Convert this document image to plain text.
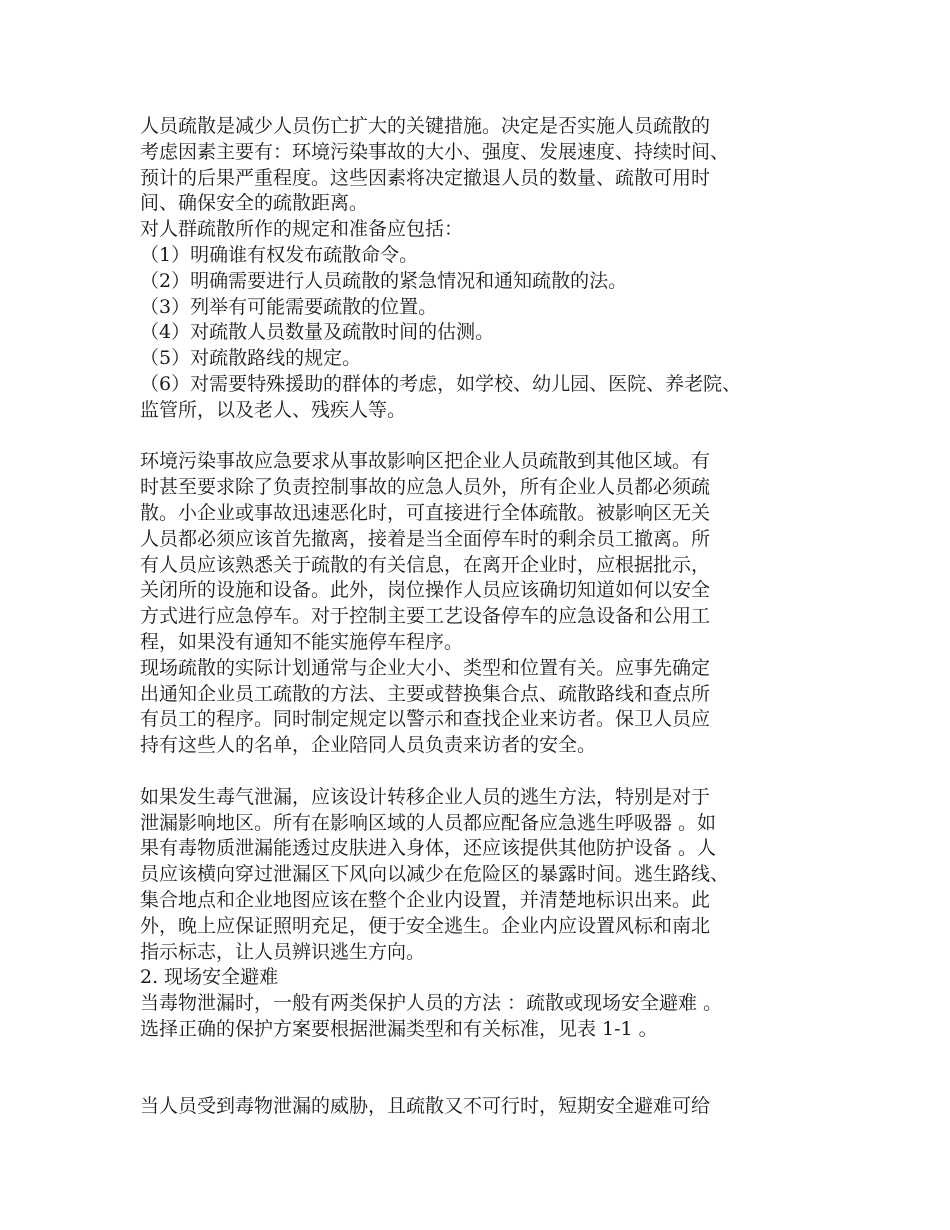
人员疏散是减少人员伤亡扩大的关键措施。决定是否实施人员疏散的
考虑因素主要有：环境污染事故的大小、强度、发展速度、持续时间、
预计的后果严重程度。这些因素将决定撤退人员的数量、疏散可用时
间、确保安全的疏散距离。
对人群疏散所作的规定和准备应包括：
（1）明确谁有权发布疏散命令。
（2）明确需要进行人员疏散的紧急情况和通知疏散的法。
（3）列举有可能需要疏散的位置。
（4）对疏散人员数量及疏散时间的估测。
（5）对疏散路线的规定。
（6）对需要特殊援助的群体的考虑，如学校、幼儿园、医院、养老院、
监管所，以及老人、残疾人等。
环境污染事故应急要求从事故影响区把企业人员疏散到其他区域。有
时甚至要求除了负责控制事故的应急人员外，所有企业人员都必须疏
散。小企业或事故迅速恶化时，可直接进行全体疏散。被影响区无关
人员都必须应该首先撤离，接着是当全面停车时的剩余员工撤离。所
有人员应该熟悉关于疏散的有关信息，在离开企业时，应根据批示，
关闭所的设施和设备。此外，岗位操作人员应该确切知道如何以安全
方式进行应急停车。对于控制主要工艺设备停车的应急设备和公用工
程，如果没有通知不能实施停车程序。
现场疏散的实际计划通常与企业大小、类型和位置有关。应事先确定
出通知企业员工疏散的方法、主要或替换集合点、疏散路线和查点所
有员工的程序。同时制定规定以警示和查找企业来访者。保卫人员应
持有这些人的名单，企业陪同人员负责来访者的安全。
如果发生毒气泄漏，应该设计转移企业人员的逃生方法，特别是对于
泄漏影响地区。所有在影响区域的人员都应配备应急逃生呼吸器 。如
果有毒物质泄漏能透过皮肤进入身体，还应该提供其他防护设备 。人
员应该横向穿过泄漏区下风向以减少在危险区的暴露时间。逃生路线、
集合地点和企业地图应该在整个企业内设置，并清楚地标识出来。此
外，晚上应保证照明充足，便于安全逃生。企业内应设置风标和南北
指示标志，让人员辨识逃生方向。
2. 现场安全避难
当毒物泄漏时，一般有两类保护人员的方法 ：疏散或现场安全避难 。
选择正确的保护方案要根据泄漏类型和有关标准，见表 1-1 。
当人员受到毒物泄漏的威胁，且疏散又不可行时，短期安全避难可给
